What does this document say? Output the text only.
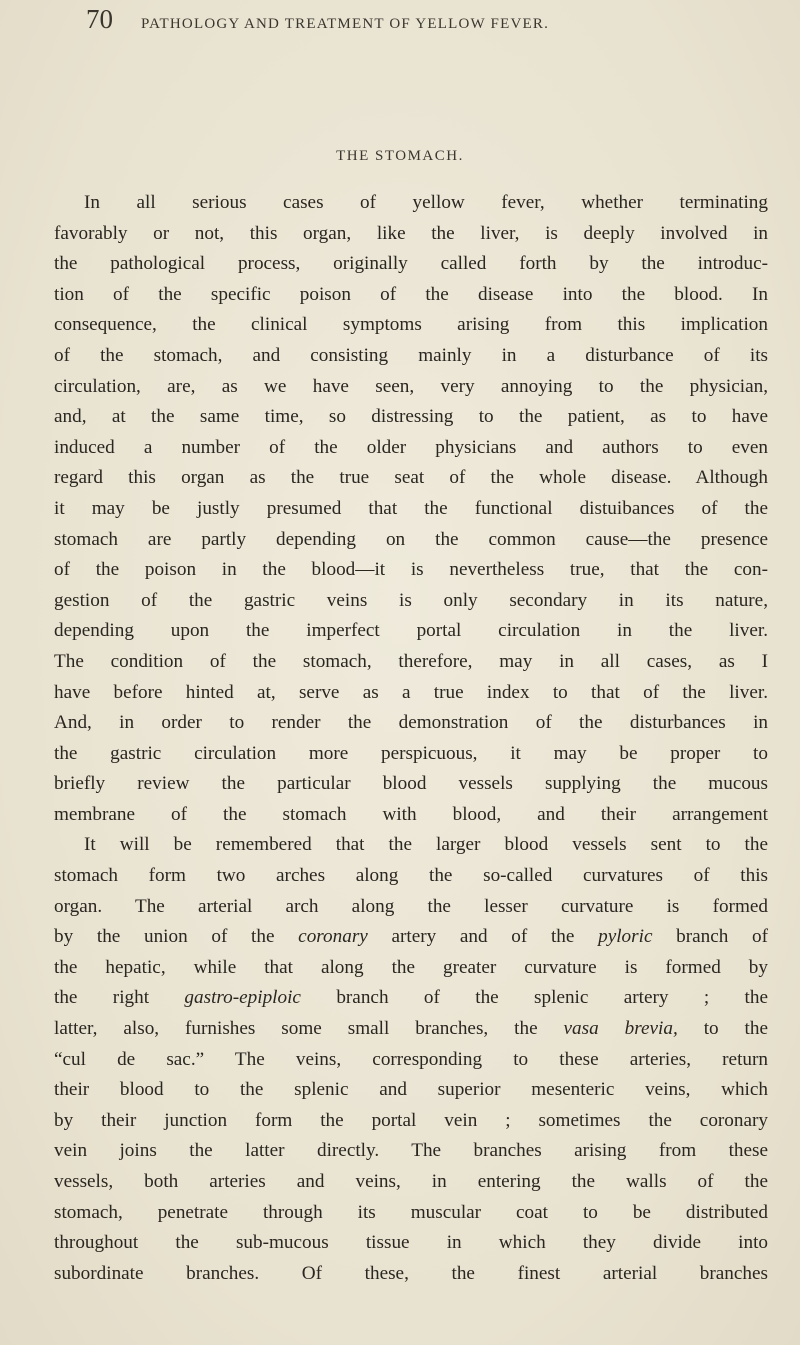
70 PATHOLOGY AND TREATMENT OF YELLOW FEVER.
THE STOMACH.
In all serious cases of yellow fever, whether terminating
favorably or not, this organ, like the liver, is deeply involved in
the pathological process, originally called forth by the introduc-
tion of the specific poison of the disease into the blood. In
consequence, the clinical symptoms arising from this implication
of the stomach, and consisting mainly in a disturbance of its
circulation, are, as we have seen, very annoying to the physician,
and, at the same time, so distressing to the patient, as to have
induced a number of the older physicians and authors to even
regard this organ as the true seat of the whole disease. Although
it may be justly presumed that the functional distuibances of the
stomach are partly depending on the common cause—the presence
of the poison in the blood—it is nevertheless true, that the con-
gestion of the gastric veins is only secondary in its nature,
depending upon the imperfect portal circulation in the liver.
The condition of the stomach, therefore, may in all cases, as I
have before hinted at, serve as a true index to that of the liver.
And, in order to render the demonstration of the disturbances in
the gastric circulation more perspicuous, it may be proper to
briefly review the particular blood vessels supplying the mucous
membrane of the stomach with blood, and their arrangement
It will be remembered that the larger blood vessels sent to the
stomach form two arches along the so-called curvatures of this
organ. The arterial arch along the lesser curvature is formed
by the union of the coronary artery and of the pyloric branch of
the hepatic, while that along the greater curvature is formed by
the right gastro-epiploic branch of the splenic artery ; the
latter, also, furnishes some small branches, the vasa brevia, to the
“cul de sac.” The veins, corresponding to these arteries, return
their blood to the splenic and superior mesenteric veins, which
by their junction form the portal vein ; sometimes the coronary
vein joins the latter directly. The branches arising from these
vessels, both arteries and veins, in entering the walls of the
stomach, penetrate through its muscular coat to be distributed
throughout the sub-mucous tissue in which they divide into
subordinate branches. Of these, the finest arterial branches
